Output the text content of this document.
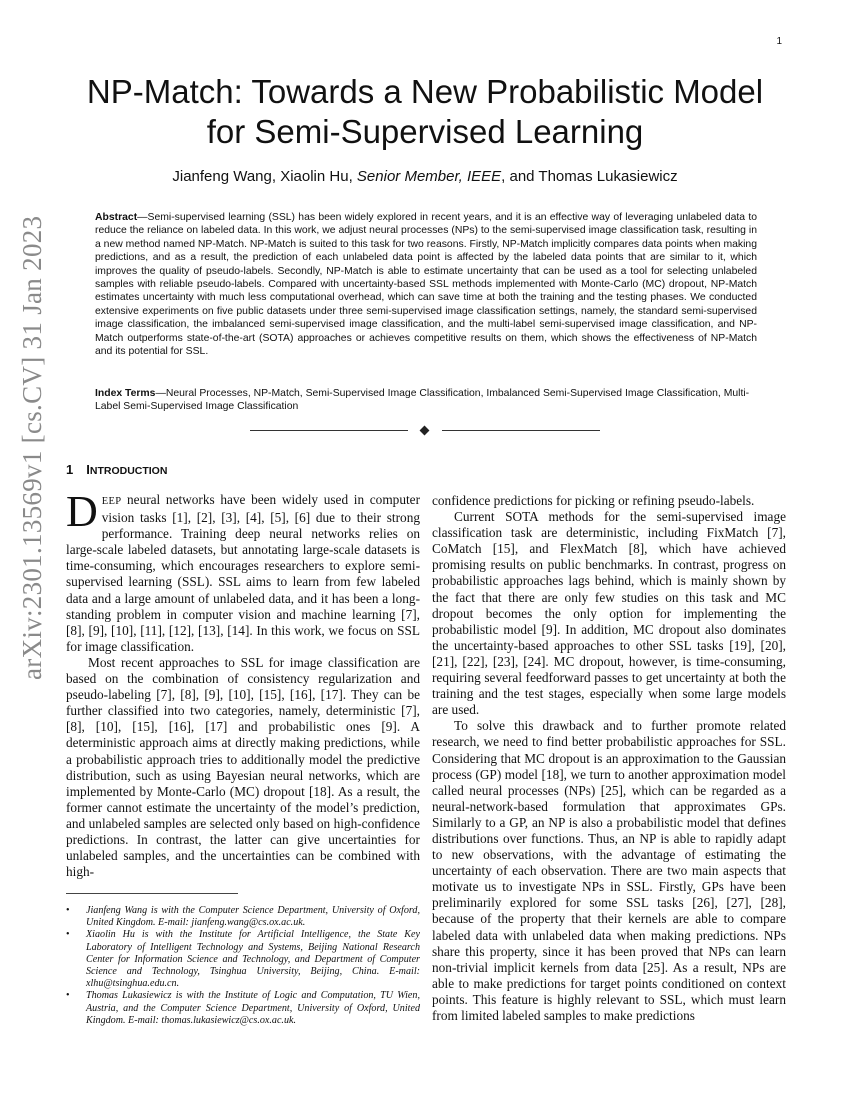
1
arXiv:2301.13569v1 [cs.CV] 31 Jan 2023
NP-Match: Towards a New Probabilistic Model
for Semi-Supervised Learning
Jianfeng Wang, Xiaolin Hu, Senior Member, IEEE, and Thomas Lukasiewicz

Abstract—Semi-supervised learning (SSL) has been widely explored in recent years, and it is an effective way of leveraging unlabeled data to reduce the reliance on labeled data. In this work, we adjust neural processes (NPs) to the semi-supervised image classification task, resulting in a new method named NP-Match. NP-Match is suited to this task for two reasons. Firstly, NP-Match implicitly compares data points when making predictions, and as a result, the prediction of each unlabeled data point is affected by the labeled data points that are similar to it, which improves the quality of pseudo-labels. Secondly, NP-Match is able to estimate uncertainty that can be used as a tool for selecting unlabeled samples with reliable pseudo-labels. Compared with uncertainty-based SSL methods implemented with Monte-Carlo (MC) dropout, NP-Match estimates uncertainty with much less computational overhead, which can save time at both the training and the testing phases. We conducted extensive experiments on five public datasets under three semi-supervised image classification settings, namely, the standard semi-supervised image classification, the imbalanced semi-supervised image classification, and the multi-label semi-supervised image classification, and NP-Match outperforms state-of-the-art (SOTA) approaches or achieves competitive results on them, which shows the effectiveness of NP-Match and its potential for SSL.

Index Terms—Neural Processes, NP-Match, Semi-Supervised Image Classification, Imbalanced Semi-Supervised Image Classification, Multi-Label Semi-Supervised Image Classification

1 INTRODUCTION

DEEP neural networks have been widely used in computer vision tasks [1], [2], [3], [4], [5], [6] due to their strong performance. Training deep neural networks relies on large-scale labeled datasets, but annotating large-scale datasets is time-consuming, which encourages researchers to explore semi-supervised learning (SSL). SSL aims to learn from few labeled data and a large amount of unlabeled data, and it has been a long-standing problem in computer vision and machine learning [7], [8], [9], [10], [11], [12], [13], [14]. In this work, we focus on SSL for image classification.

Most recent approaches to SSL for image classification are based on the combination of consistency regularization and pseudo-labeling [7], [8], [9], [10], [15], [16], [17]. They can be further classified into two categories, namely, deterministic [7], [8], [10], [15], [16], [17] and probabilistic ones [9]. A deterministic approach aims at directly making predictions, while a probabilistic approach tries to additionally model the predictive distribution, such as using Bayesian neural networks, which are implemented by Monte-Carlo (MC) dropout [18]. As a result, the former cannot estimate the uncertainty of the model’s prediction, and unlabeled samples are selected only based on high-confidence predictions. In contrast, the latter can give uncertainties for unlabeled samples, and the uncertainties can be combined with high-

confidence predictions for picking or refining pseudo-labels.

Current SOTA methods for the semi-supervised image classification task are deterministic, including FixMatch [7], CoMatch [15], and FlexMatch [8], which have achieved promising results on public benchmarks. In contrast, progress on probabilistic approaches lags behind, which is mainly shown by the fact that there are only few studies on this task and MC dropout becomes the only option for implementing the probabilistic model [9]. In addition, MC dropout also dominates the uncertainty-based approaches to other SSL tasks [19], [20], [21], [22], [23], [24]. MC dropout, however, is time-consuming, requiring several feedforward passes to get uncertainty at both the training and the test stages, especially when some large models are used.

To solve this drawback and to further promote related research, we need to find better probabilistic approaches for SSL. Considering that MC dropout is an approximation to the Gaussian process (GP) model [18], we turn to another approximation model called neural processes (NPs) [25], which can be regarded as a neural-network-based formulation that approximates GPs. Similarly to a GP, an NP is also a probabilistic model that defines distributions over functions. Thus, an NP is able to rapidly adapt to new observations, with the advantage of estimating the uncertainty of each observation. There are two main aspects that motivate us to investigate NPs in SSL. Firstly, GPs have been preliminarily explored for some SSL tasks [26], [27], [28], because of the property that their kernels are able to compare labeled data with unlabeled data when making predictions. NPs share this property, since it has been proved that NPs can learn non-trivial implicit kernels from data [25]. As a result, NPs are able to make predictions for target points conditioned on context points. This feature is highly relevant to SSL, which must learn from limited labeled samples to make predictions

• Jianfeng Wang is with the Computer Science Department, University of Oxford, United Kingdom. E-mail: jianfeng.wang@cs.ox.ac.uk.
• Xiaolin Hu is with the Institute for Artificial Intelligence, the State Key Laboratory of Intelligent Technology and Systems, Beijing National Research Center for Information Science and Technology, and Department of Computer Science and Technology, Tsinghua University, Beijing, China. E-mail: xlhu@tsinghua.edu.cn.
• Thomas Lukasiewicz is with the Institute of Logic and Computation, TU Wien, Austria, and the Computer Science Department, University of Oxford, United Kingdom. E-mail: thomas.lukasiewicz@cs.ox.ac.uk.
